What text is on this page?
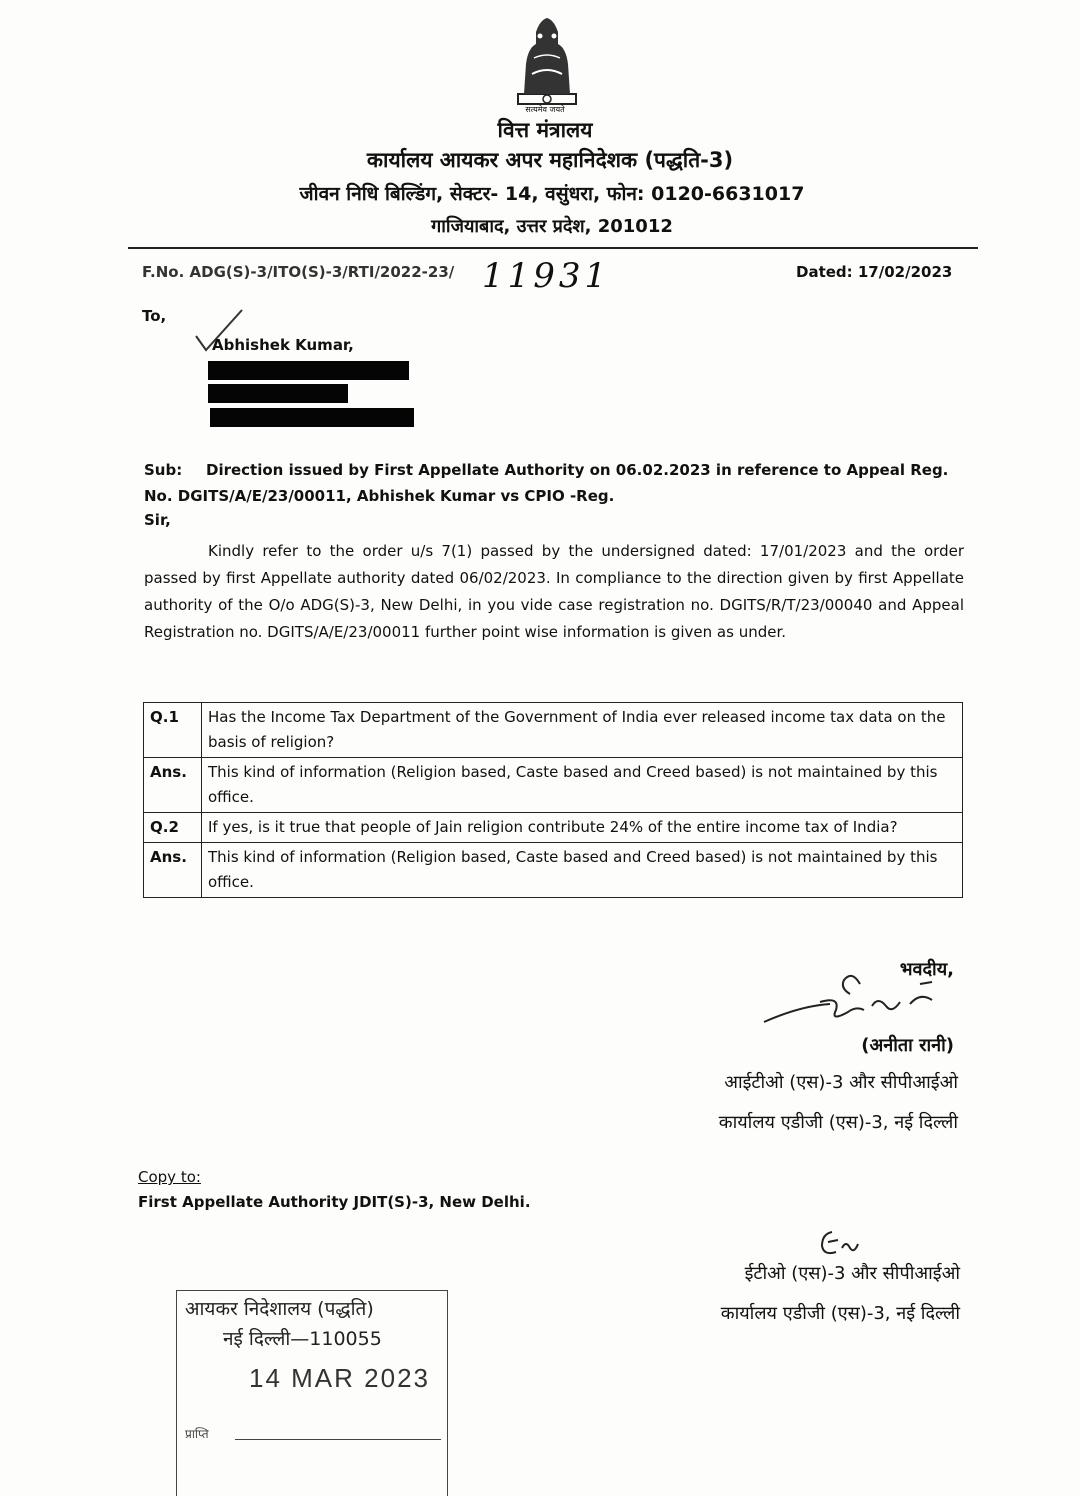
सत्यमेव जयते
वित्त मंत्रालय
कार्यालय आयकर अपर महानिदेशक (पद्धति-3)
जीवन निधि बिल्डिंग, सेक्टर- 14, वसुंधरा, फोन: 0120-6631017
गाजियाबाद, उत्तर प्रदेश, 201012
F.No. ADG(S)-3/ITO(S)-3/RTI/2022-23/ 11931	Dated: 17/02/2023
To,
Abhishek Kumar,
Sub: Direction issued by First Appellate Authority on 06.02.2023 in reference to Appeal Reg. No. DGITS/A/E/23/00011, Abhishek Kumar vs CPIO -Reg.
Sir,
Kindly refer to the order u/s 7(1) passed by the undersigned dated: 17/01/2023 and the order passed by first Appellate authority dated 06/02/2023. In compliance to the direction given by first Appellate authority of the O/o ADG(S)-3, New Delhi, in you vide case registration no. DGITS/R/T/23/00040 and Appeal Registration no. DGITS/A/E/23/00011 further point wise information is given as under.
Q.1	Has the Income Tax Department of the Government of India ever released income tax data on the basis of religion?
Ans.	This kind of information (Religion based, Caste based and Creed based) is not maintained by this office.
Q.2	If yes, is it true that people of Jain religion contribute 24% of the entire income tax of India?
Ans.	This kind of information (Religion based, Caste based and Creed based) is not maintained by this office.
भवदीय,
(अनीता रानी)
आईटीओ (एस)-3 और सीपीआईओ
कार्यालय एडीजी (एस)-3, नई दिल्ली
Copy to:
First Appellate Authority JDIT(S)-3, New Delhi.
ईटीओ (एस)-3 और सीपीआईओ
कार्यालय एडीजी (एस)-3, नई दिल्ली
आयकर निदेशालय (पद्धति)
नई दिल्ली—110055
14 MAR 2023
प्राप्ति
